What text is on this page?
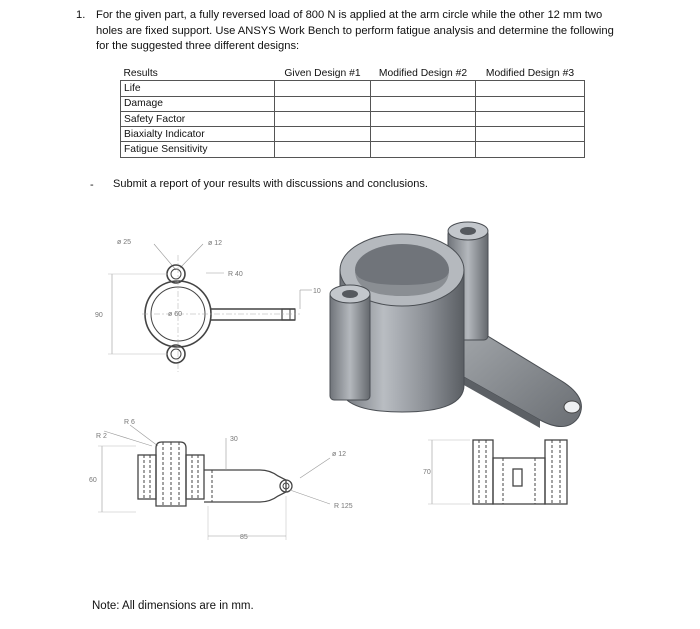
1. For the given part, a fully reversed load of 800 N is applied at the arm circle while the other 12 mm two holes are fixed support. Use ANSYS Work Bench to perform fatigue analysis and determine the following for the suggested three different designs:
Results	Given Design #1	Modified Design #2	Modified Design #3
Life			
Damage			
Safety Factor			
Biaxialty Indicator			
Fatigue Sensitivity			
- Submit a report of your results with discussions and conclusions.
ø 25	ø 12
R 40
ø 60
90
10
R 6
R 2	30
60
ø 12
R 125
85
70
Note: All dimensions are in mm.
